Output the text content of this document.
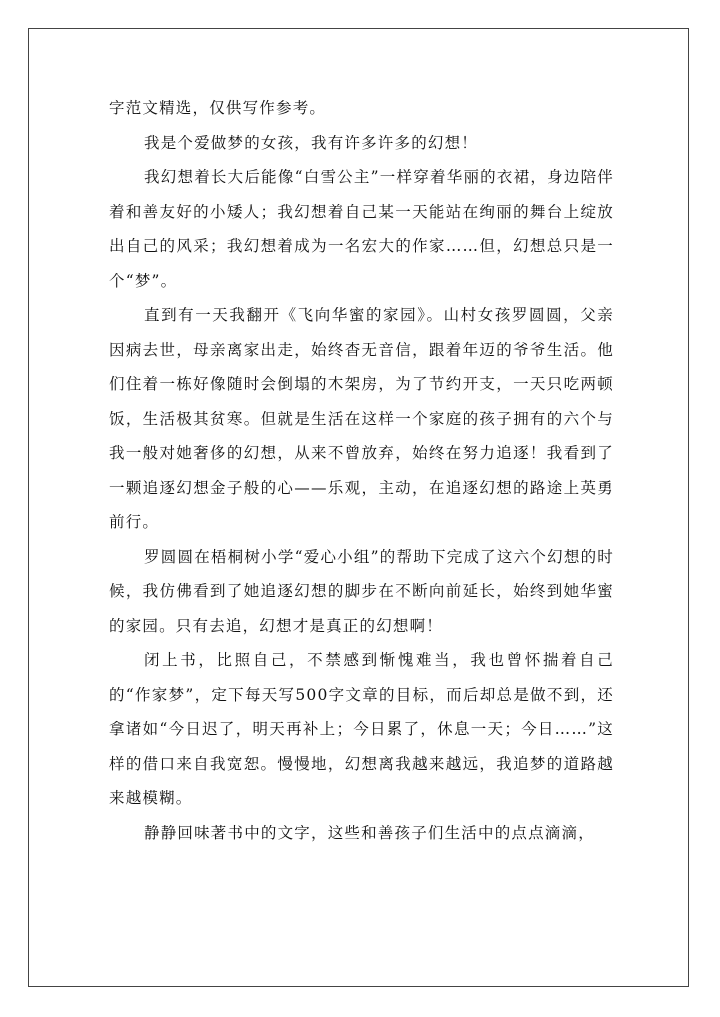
字范文精选，仅供写作参考。

我是个爱做梦的女孩，我有许多许多的幻想！

我幻想着长大后能像“白雪公主”一样穿着华丽的衣裙，身边陪伴着和善友好的小矮人；我幻想着自己某一天能站在绚丽的舞台上绽放出自己的风采；我幻想着成为一名宏大的作家……但，幻想总只是一个“梦”。

直到有一天我翻开《飞向华蜜的家园》。山村女孩罗圆圆，父亲因病去世，母亲离家出走，始终杳无音信，跟着年迈的爷爷生活。他们住着一栋好像随时会倒塌的木架房，为了节约开支，一天只吃两顿饭，生活极其贫寒。但就是生活在这样一个家庭的孩子拥有的六个与我一般对她奢侈的幻想，从来不曾放弃，始终在努力追逐！我看到了一颗追逐幻想金子般的心——乐观，主动，在追逐幻想的路途上英勇前行。

罗圆圆在梧桐树小学“爱心小组”的帮助下完成了这六个幻想的时候，我仿佛看到了她追逐幻想的脚步在不断向前延长，始终到她华蜜的家园。只有去追，幻想才是真正的幻想啊！

闭上书，比照自己，不禁感到惭愧难当，我也曾怀揣着自己的“作家梦”，定下每天写500字文章的目标，而后却总是做不到，还拿诸如“今日迟了，明天再补上；今日累了，休息一天；今日……”这样的借口来自我宽恕。慢慢地，幻想离我越来越远，我追梦的道路越来越模糊。

静静回味著书中的文字，这些和善孩子们生活中的点点滴滴，
